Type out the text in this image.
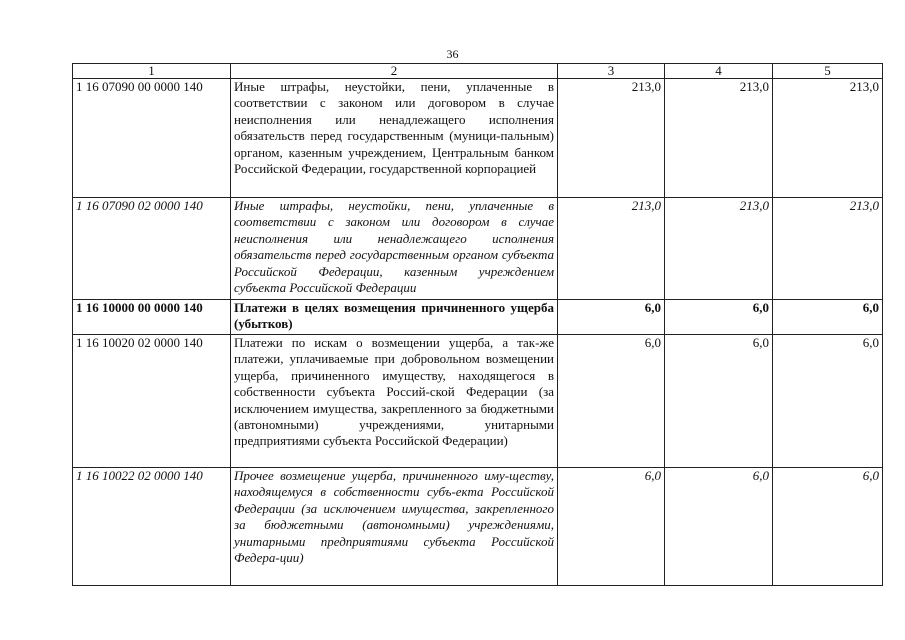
36
1	2	3	4	5
1 16 07090 00 0000 140	Иные штрафы, неустойки, пени, уплаченные в соответствии с законом или договором в случае неисполнения или ненадлежащего исполнения обязательств перед государственным (муници-пальным) органом, казенным учреждением, Центральным банком Российской Федерации, государственной корпорацией	213,0	213,0	213,0
1 16 07090 02 0000 140	Иные штрафы, неустойки, пени, уплаченные в соответствии с законом или договором в случае неисполнения или ненадлежащего исполнения обязательств перед государственным органом субъекта Российской Федерации, казенным учреждением субъекта Российской Федерации	213,0	213,0	213,0
1 16 10000 00 0000 140	Платежи в целях возмещения причиненного ущерба (убытков)	6,0	6,0	6,0
1 16 10020 02 0000 140	Платежи по искам о возмещении ущерба, а так-же платежи, уплачиваемые при добровольном возмещении ущерба, причиненного имуществу, находящегося в собственности субъекта Россий-ской Федерации (за исключением имущества, закрепленного за бюджетными (автономными) учреждениями, унитарными предприятиями субъекта Российской Федерации)	6,0	6,0	6,0
1 16 10022 02 0000 140	Прочее возмещение ущерба, причиненного иму-ществу, находящемуся в собственности субъ-екта Российской Федерации (за исключением имущества, закрепленного за бюджетными (автономными) учреждениями, унитарными предприятиями субъекта Российской Федера-ции)	6,0	6,0	6,0
